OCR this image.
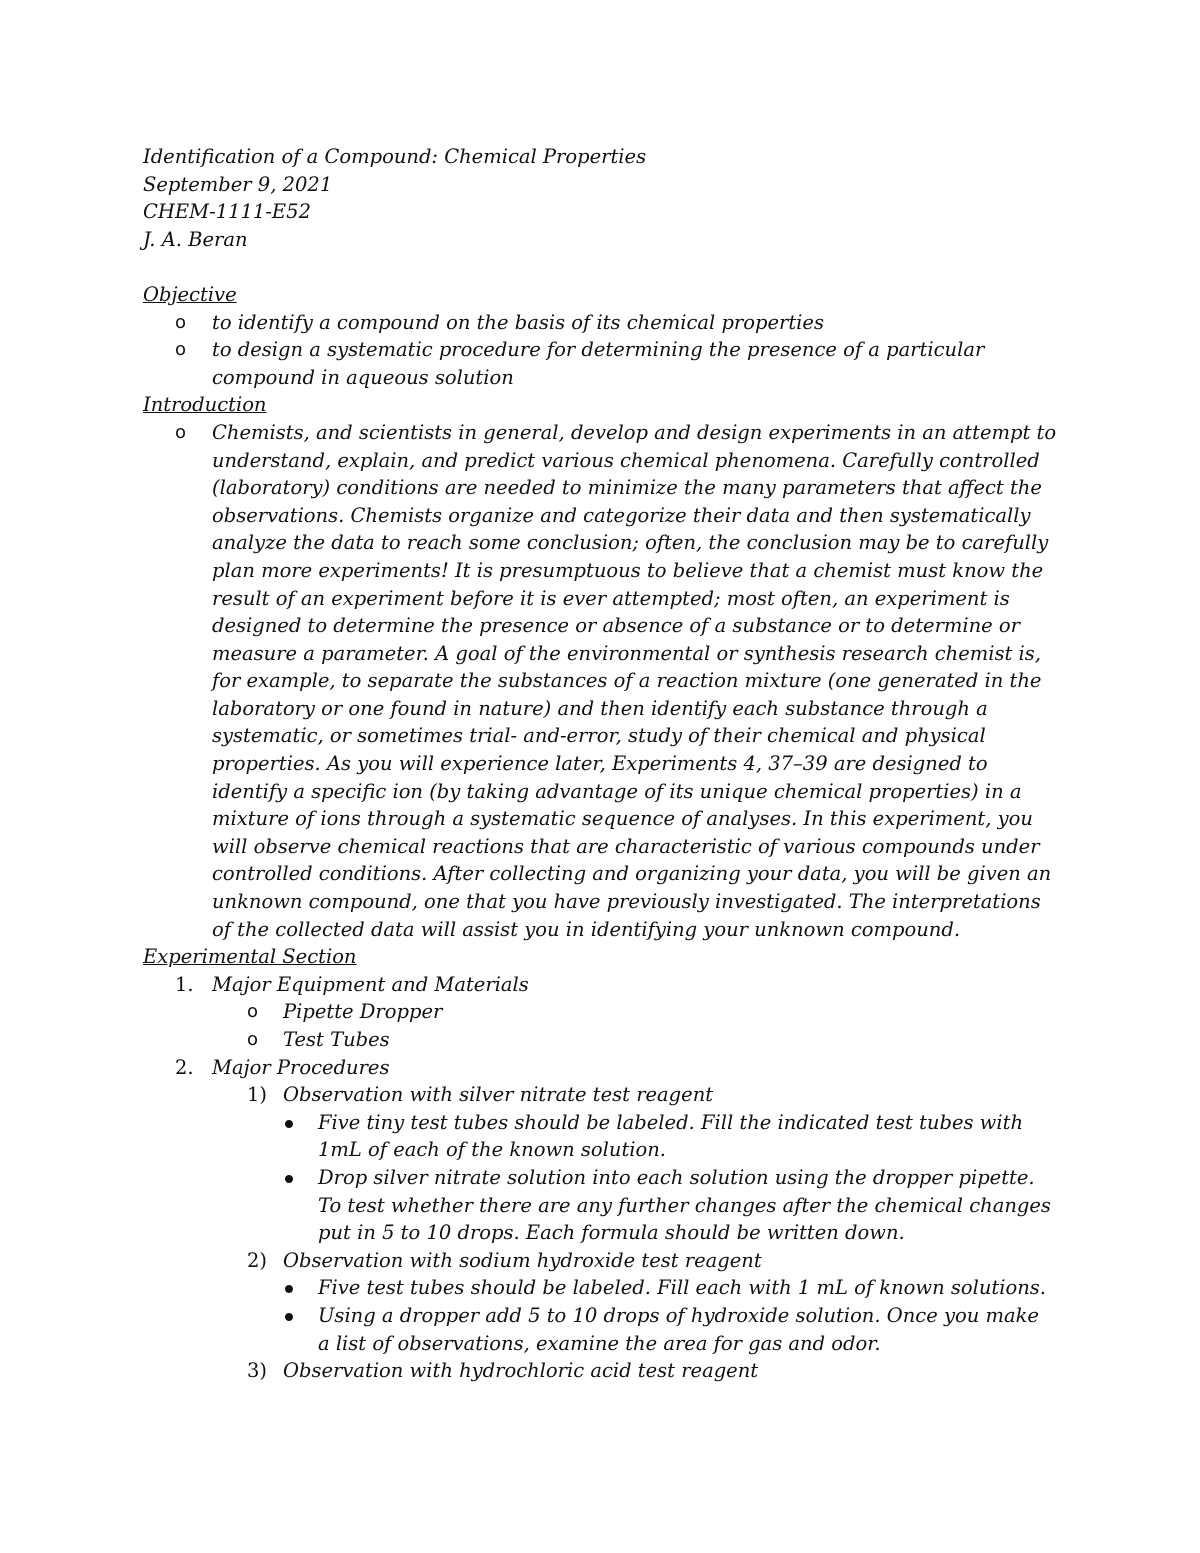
Identification of a Compound: Chemical Properties
September 9, 2021
CHEM-1111-E52
J. A. Beran
Objective
o to identify a compound on the basis of its chemical properties
o to design a systematic procedure for determining the presence of a particular compound in aqueous solution
Introduction
o Chemists, and scientists in general, develop and design experiments in an attempt to understand, explain, and predict various chemical phenomena. Carefully controlled (laboratory) conditions are needed to minimize the many parameters that affect the observations. Chemists organize and categorize their data and then systematically analyze the data to reach some conclusion; often, the conclusion may be to carefully plan more experiments! It is presumptuous to believe that a chemist must know the result of an experiment before it is ever attempted; most often, an experiment is designed to determine the presence or absence of a substance or to determine or measure a parameter. A goal of the environmental or synthesis research chemist is, for example, to separate the substances of a reaction mixture (one generated in the laboratory or one found in nature) and then identify each substance through a systematic, or sometimes trial- and-error, study of their chemical and physical properties. As you will experience later, Experiments 4, 37–39 are designed to identify a specific ion (by taking advantage of its unique chemical properties) in a mixture of ions through a systematic sequence of analyses. In this experiment, you will observe chemical reactions that are characteristic of various compounds under controlled conditions. After collecting and organizing your data, you will be given an unknown compound, one that you have previously investigated. The interpretations of the collected data will assist you in identifying your unknown compound.
Experimental Section
1. Major Equipment and Materials
o Pipette Dropper
o Test Tubes
2. Major Procedures
1) Observation with silver nitrate test reagent
Five tiny test tubes should be labeled. Fill the indicated test tubes with 1mL of each of the known solution.
Drop silver nitrate solution into each solution using the dropper pipette. To test whether there are any further changes after the chemical changes put in 5 to 10 drops. Each formula should be written down.
2) Observation with sodium hydroxide test reagent
Five test tubes should be labeled. Fill each with 1 mL of known solutions.
Using a dropper add 5 to 10 drops of hydroxide solution. Once you make a list of observations, examine the area for gas and odor.
3) Observation with hydrochloric acid test reagent
